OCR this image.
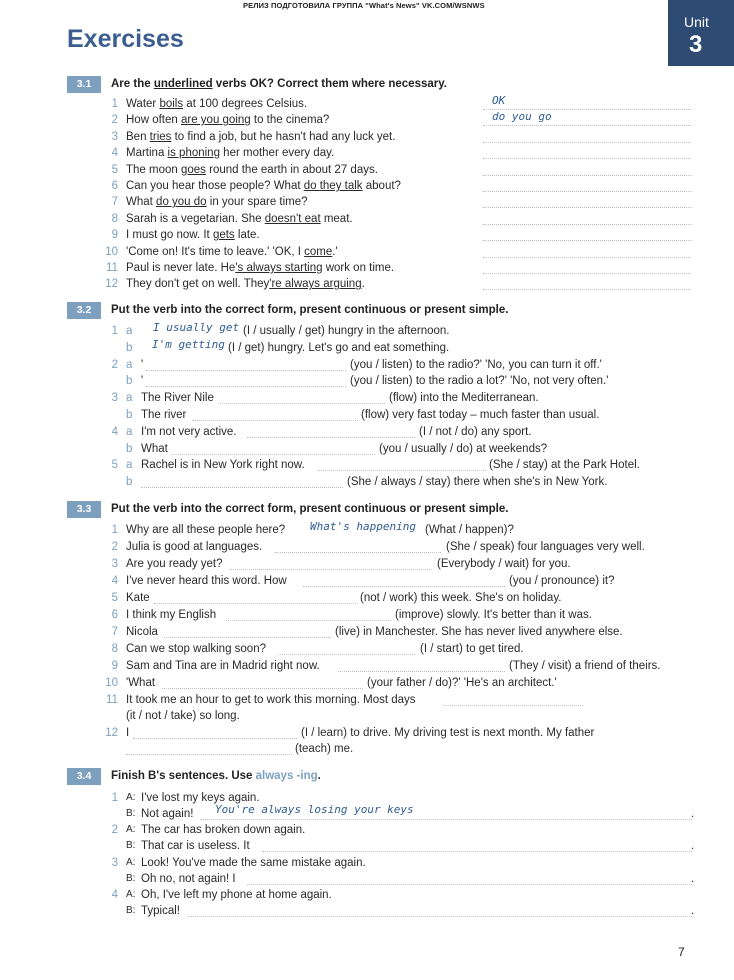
РЕЛИЗ ПОДГОТОВИЛА ГРУППА "What's News" VK.COM/WSNWS
Exercises
Unit
3
3.1	Are the underlined verbs OK? Correct them where necessary.
1 Water boils at 100 degrees Celsius.	OK
2 How often are you going to the cinema?	do you go
3 Ben tries to find a job, but he hasn't had any luck yet.
4 Martina is phoning her mother every day.
5 The moon goes round the earth in about 27 days.
6 Can you hear those people? What do they talk about?
7 What do you do in your spare time?
8 Sarah is a vegetarian. She doesn't eat meat.
9 I must go now. It gets late.
10 'Come on! It's time to leave.' 'OK, I come.'
11 Paul is never late. He's always starting work on time.
12 They don't get on well. They're always arguing.
3.2	Put the verb into the correct form, present continuous or present simple.
1 a I usually get (I / usually / get) hungry in the afternoon.
b I'm getting (I / get) hungry. Let's go and eat something.
2 a '	(you / listen) to the radio?' 'No, you can turn it off.'
b '	(you / listen) to the radio a lot?' 'No, not very often.'
3 a The River Nile	(flow) into the Mediterranean.
b The river	(flow) very fast today – much faster than usual.
4 a I'm not very active.	(I / not / do) any sport.
b What	(you / usually / do) at weekends?
5 a Rachel is in New York right now.	(She / stay) at the Park Hotel.
b	(She / always / stay) there when she's in New York.
3.3	Put the verb into the correct form, present continuous or present simple.
1 Why are all these people here? What's happening (What / happen)?
2 Julia is good at languages.	(She / speak) four languages very well.
3 Are you ready yet?	(Everybody / wait) for you.
4 I've never heard this word. How	(you / pronounce) it?
5 Kate	(not / work) this week. She's on holiday.
6 I think my English	(improve) slowly. It's better than it was.
7 Nicola	(live) in Manchester. She has never lived anywhere else.
8 Can we stop walking soon?	(I / start) to get tired.
9 Sam and Tina are in Madrid right now.	(They / visit) a friend of theirs.
10 'What	(your father / do)?' 'He's an architect.'
11 It took me an hour to get to work this morning. Most days
(it / not / take) so long.
12 I	(I / learn) to drive. My driving test is next month. My father
(teach) me.
3.4	Finish B's sentences. Use always -ing.
1 A: I've lost my keys again.
B: Not again!	.
You're always losing your keys
2 A: The car has broken down again.
B: That car is useless. It	.
3 A: Look! You've made the same mistake again.
B: Oh no, not again! I	.
4 A: Oh, I've left my phone at home again.
B: Typical!	.
7
